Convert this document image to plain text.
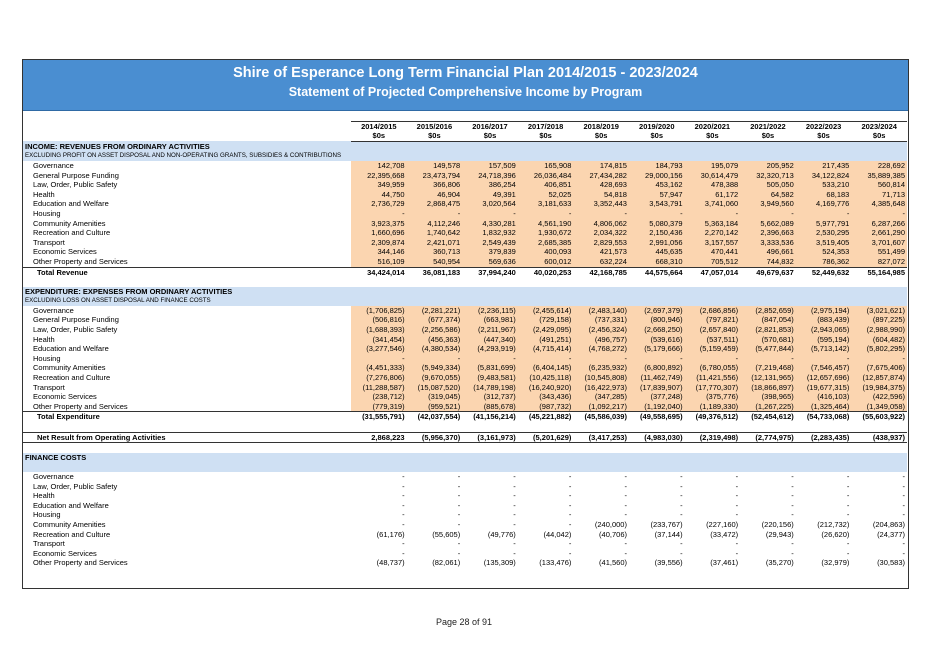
Shire of Esperance Long Term Financial Plan 2014/2015 - 2023/2024
Statement of Projected Comprehensive Income by Program

	2014/2015	2015/2016	2016/2017	2017/2018	2018/2019	2019/2020	2020/2021	2021/2022	2022/2023	2023/2024
	$0s	$0s	$0s	$0s	$0s	$0s	$0s	$0s	$0s	$0s
INCOME: REVENUES FROM ORDINARY ACTIVITIES										
EXCLUDING PROFIT ON ASSET DISPOSAL AND NON-OPERATING GRANTS, SUBSIDIES & CONTRIBUTIONS										
Governance	142,708	149,578	157,509	165,908	174,815	184,793	195,079	205,952	217,435	228,692
General Purpose Funding	22,395,668	23,473,794	24,718,396	26,036,484	27,434,282	29,000,156	30,614,479	32,320,713	34,122,824	35,889,385
Law, Order, Public Safety	349,959	366,806	386,254	406,851	428,693	453,162	478,388	505,050	533,210	560,814
Health	44,750	46,904	49,391	52,025	54,818	57,947	61,172	64,582	68,183	71,713
Education and Welfare	2,736,729	2,868,475	3,020,564	3,181,633	3,352,443	3,543,791	3,741,060	3,949,560	4,169,776	4,385,648
Housing	-	-	-	-	-	-	-	-	-	-
Community Amenities	3,923,375	4,112,246	4,330,281	4,561,190	4,806,062	5,080,379	5,363,184	5,662,089	5,977,791	6,287,266
Recreation and Culture	1,660,696	1,740,642	1,832,932	1,930,672	2,034,322	2,150,436	2,270,142	2,396,663	2,530,295	2,661,290
Transport	2,309,874	2,421,071	2,549,439	2,685,385	2,829,553	2,991,056	3,157,557	3,333,536	3,519,405	3,701,607
Economic Services	344,146	360,713	379,839	400,093	421,573	445,635	470,441	496,661	524,353	551,499
Other Property and Services	516,109	540,954	569,636	600,012	632,224	668,310	705,512	744,832	786,362	827,072
Total Revenue	34,424,014	36,081,183	37,994,240	40,020,253	42,168,785	44,575,664	47,057,014	49,679,637	52,449,632	55,164,985

EXPENDITURE: EXPENSES FROM ORDINARY ACTIVITIES										
EXCLUDING LOSS ON ASSET DISPOSAL AND FINANCE COSTS										
Governance	(1,706,825)	(2,281,221)	(2,236,115)	(2,455,614)	(2,483,140)	(2,697,379)	(2,686,856)	(2,852,659)	(2,975,194)	(3,021,621)
General Purpose Funding	(506,816)	(677,374)	(663,981)	(729,158)	(737,331)	(800,946)	(797,821)	(847,054)	(883,439)	(897,225)
Law, Order, Public Safety	(1,688,393)	(2,256,586)	(2,211,967)	(2,429,095)	(2,456,324)	(2,668,250)	(2,657,840)	(2,821,853)	(2,943,065)	(2,988,990)
Health	(341,454)	(456,363)	(447,340)	(491,251)	(496,757)	(539,616)	(537,511)	(570,681)	(595,194)	(604,482)
Education and Welfare	(3,277,546)	(4,380,534)	(4,293,919)	(4,715,414)	(4,768,272)	(5,179,666)	(5,159,459)	(5,477,844)	(5,713,142)	(5,802,295)
Housing	-	-	-	-	-	-	-	-	-	-
Community Amenities	(4,451,333)	(5,949,334)	(5,831,699)	(6,404,145)	(6,235,932)	(6,800,892)	(6,780,055)	(7,219,468)	(7,546,457)	(7,675,406)
Recreation and Culture	(7,276,806)	(9,670,055)	(9,483,581)	(10,425,118)	(10,545,808)	(11,462,749)	(11,421,556)	(12,131,965)	(12,657,696)	(12,857,874)
Transport	(11,288,587)	(15,087,520)	(14,789,198)	(16,240,920)	(16,422,973)	(17,839,907)	(17,770,307)	(18,866,897)	(19,677,315)	(19,984,375)
Economic Services	(238,712)	(319,045)	(312,737)	(343,436)	(347,285)	(377,248)	(375,776)	(398,965)	(416,103)	(422,596)
Other Property and Services	(779,319)	(959,521)	(885,678)	(987,732)	(1,092,217)	(1,192,040)	(1,189,330)	(1,267,225)	(1,325,464)	(1,349,058)
Total Expenditure	(31,555,791)	(42,037,554)	(41,156,214)	(45,221,882)	(45,586,039)	(49,558,695)	(49,376,512)	(52,454,612)	(54,733,068)	(55,603,922)

Net Result from Operating Activities	2,868,223	(5,956,370)	(3,161,973)	(5,201,629)	(3,417,253)	(4,983,030)	(2,319,498)	(2,774,975)	(2,283,435)	(438,937)

FINANCE COSTS										

Governance	-	-	-	-	-	-	-	-	-	-
Law, Order, Public Safety	-	-	-	-	-	-	-	-	-	-
Health	-	-	-	-	-	-	-	-	-	-
Education and Welfare	-	-	-	-	-	-	-	-	-	-
Housing	-	-	-	-	-	-	-	-	-	-
Community Amenities	-	-	-	-	(240,000)	(233,767)	(227,160)	(220,156)	(212,732)	(204,863)
Recreation and Culture	(61,176)	(55,605)	(49,776)	(44,042)	(40,706)	(37,144)	(33,472)	(29,943)	(26,620)	(24,377)
Transport	-	-	-	-	-	-	-	-	-	-
Economic Services	-	-	-	-	-	-	-	-	-	-
Other Property and Services	(48,737)	(82,061)	(135,309)	(133,476)	(41,560)	(39,556)	(37,461)	(35,270)	(32,979)	(30,583)
Page 28 of 91
